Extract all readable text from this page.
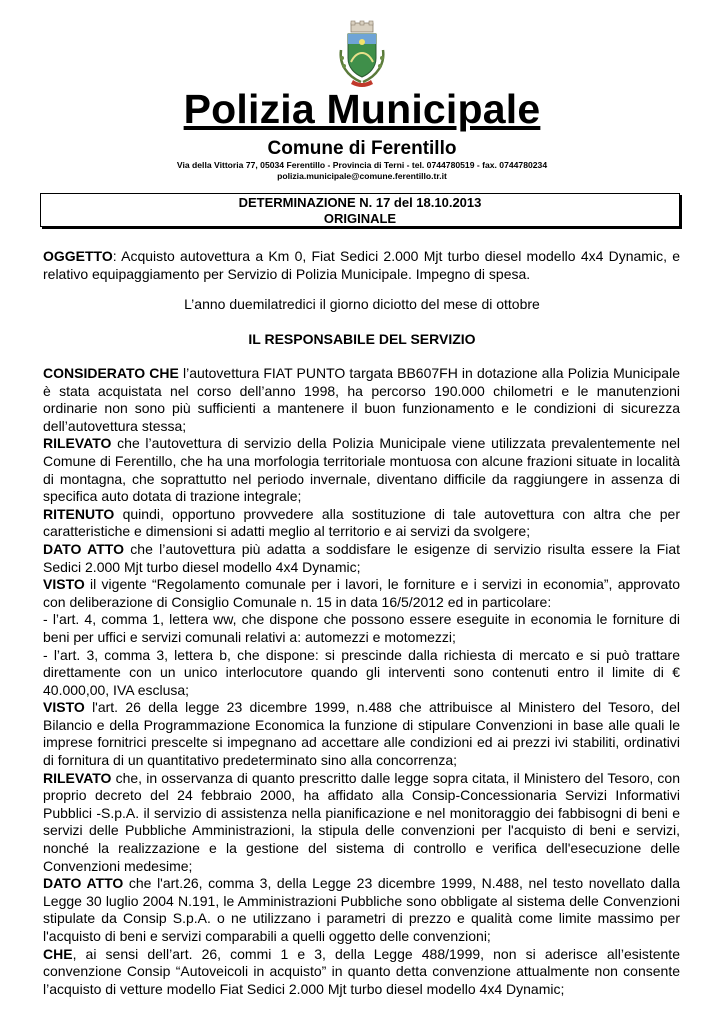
Polizia Municipale
Comune di Ferentillo
Via della Vittoria 77, 05034 Ferentillo - Provincia di Terni - tel. 0744780519 - fax. 0744780234
polizia.municipale@comune.ferentillo.tr.it
DETERMINAZIONE N. 17 del 18.10.2013
ORIGINALE
OGGETTO: Acquisto autovettura a Km 0, Fiat Sedici 2.000 Mjt turbo diesel modello 4x4 Dynamic, e relativo equipaggiamento per Servizio di Polizia Municipale. Impegno di spesa.
L’anno duemilatredici il giorno diciotto del mese di ottobre
IL RESPONSABILE DEL SERVIZIO

CONSIDERATO CHE l’autovettura FIAT PUNTO targata BB607FH in dotazione alla Polizia Municipale è stata acquistata nel corso dell’anno 1998, ha percorso 190.000 chilometri e le manutenzioni ordinarie non sono più sufficienti a mantenere il buon funzionamento e le condizioni di sicurezza dell’autovettura stessa;

RILEVATO che l’autovettura di servizio della Polizia Municipale viene utilizzata prevalentemente nel Comune di Ferentillo, che ha una morfologia territoriale montuosa con alcune frazioni situate in località di montagna, che soprattutto nel periodo invernale, diventano difficile da raggiungere in assenza di specifica auto dotata di trazione integrale;

RITENUTO quindi, opportuno provvedere alla sostituzione di tale autovettura con altra che per caratteristiche e dimensioni si adatti meglio al territorio e ai servizi da svolgere;

DATO ATTO che l’autovettura più adatta a soddisfare le esigenze di servizio risulta essere la Fiat Sedici 2.000 Mjt turbo diesel modello 4x4 Dynamic;

VISTO il vigente “Regolamento comunale per i lavori, le forniture e i servizi in economia”, approvato con deliberazione di Consiglio Comunale n. 15 in data 16/5/2012 ed in particolare:

- l’art. 4, comma 1, lettera ww, che dispone che possono essere eseguite in economia le forniture di beni per uffici e servizi comunali relativi a: automezzi e motomezzi;

- l’art. 3, comma 3, lettera b, che dispone: si prescinde dalla richiesta di mercato e si può trattare direttamente con un unico interlocutore quando gli interventi sono contenuti entro il limite di € 40.000,00, IVA esclusa;

VISTO l'art. 26 della legge 23 dicembre 1999, n.488 che attribuisce al Ministero del Tesoro, del Bilancio e della Programmazione Economica la funzione di stipulare Convenzioni in base alle quali le imprese fornitrici prescelte si impegnano ad accettare alle condizioni ed ai prezzi ivi stabiliti, ordinativi di fornitura di un quantitativo predeterminato sino alla concorrenza;

RILEVATO che, in osservanza di quanto prescritto dalle legge sopra citata, il Ministero del Tesoro, con proprio decreto del 24 febbraio 2000, ha affidato alla Consip-Concessionaria Servizi Informativi Pubblici -S.p.A. il servizio di assistenza nella pianificazione e nel monitoraggio dei fabbisogni di beni e servizi delle Pubbliche Amministrazioni, la stipula delle convenzioni per l'acquisto di beni e servizi, nonché la realizzazione e la gestione del sistema di controllo e verifica dell'esecuzione delle Convenzioni medesime;

DATO ATTO che l'art.26, comma 3, della Legge 23 dicembre 1999, N.488, nel testo novellato dalla Legge 30 luglio 2004 N.191, le Amministrazioni Pubbliche sono obbligate al sistema delle Convenzioni stipulate da Consip S.p.A. o ne utilizzano i parametri di prezzo e qualità come limite massimo per l'acquisto di beni e servizi comparabili a quelli oggetto delle convenzioni;

CHE, ai sensi dell’art. 26, commi 1 e 3, della Legge 488/1999, non si aderisce all’esistente convenzione Consip “Autoveicoli in acquisto” in quanto detta convenzione attualmente non consente l’acquisto di vetture modello Fiat Sedici 2.000 Mjt turbo diesel modello 4x4 Dynamic;
